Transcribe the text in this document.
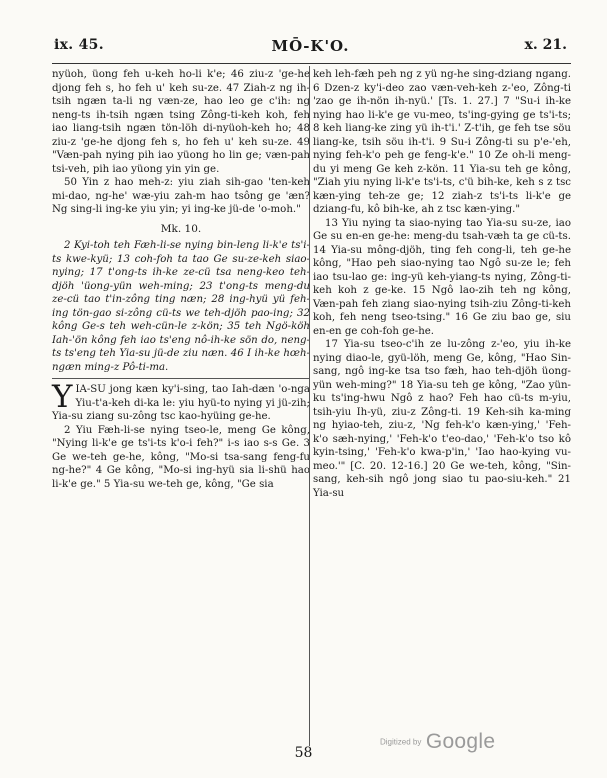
ix. 45.	MŌ-K'O.	x. 21.

nyüoh, üong feh u-keh ho-li k'e; 46 ziu-z 'ge-he djong feh s, ho feh u' keh su-ze. 47 Ziah-z ng ih-tsih ngæn ta-li ng væn-ze, hao leo ge c'ih: ng neng-ts ih-tsih ngæn tsing Zông-ti-keh koh, feh iao liang-tsih ngæn tön-löh di-nyüoh-keh ho; 48 ziu-z 'ge-he djong feh s, ho feh u' keh su-ze. 49 "Væn-pah nying pih iao yüong ho lin ge; væn-pah tsi-veh, pih iao yüong yin yin ge.

50 Yin z hao meh-z: yiu ziah sih-gao 'ten-keh mi-dao, ng-he' wæ-yiu zah-m hao tsông ge 'æn? Ng sing-li ing-ke yiu yin; yi ing-ke jü-de 'o-moh."

Mk. 10.

2 Kyi-toh teh Fæh-li-se nying bin-leng li-k'e ts'i-ts kwe-kyü; 13 coh-foh ta tao Ge su-ze-keh siao-nying; 17 t'ong-ts ih-ke ze-cü tsa neng-keo teh-djöh 'üong-yün weh-ming; 23 t'ong-ts meng-du ze-cü tao t'in-zông ting næn; 28 ing-hyü yü feh-ing tön-gao si-zông cü-ts we teh-djöh pao-ing; 32 kông Ge-s teh weh-cün-le z-kön; 35 teh Ngö-köh Iah-'ön kông feh iao ts'eng nô-ih-ke sön do, neng-ts ts'eng teh Yia-su jü-de ziu næn. 46 I ih-ke hœh-ngæn ming-z Pô-ti-ma.

YIA-SU jong kæn ky'i-sing, tao Iah-dæn 'o-nga Yiu-t'a-keh di-ka le: yiu hyü-to nying yi jü-zih; Yia-su ziang su-zông tsc kao-hyüing ge-he.

2 Yiu Fæh-li-se nying tseo-le, meng Ge kông, "Nying li-k'e ge ts'i-ts k'o-i feh?" i-s iao s-s Ge. 3 Ge we-teh ge-he, kông, "Mo-si tsa-sang feng-fu ng-he?" 4 Ge kông, "Mo-si ing-hyü sia li-shü hao li-k'e ge." 5 Yia-su we-teh ge, kông, "Ge sia

keh leh-fæh peh ng z yü ng-he sing-dziang ngang. 6 Dzen-z ky'i-deo zao væn-veh-keh z-'eo, Zông-ti 'zao ge ih-nön ih-nyü.' [Ts. 1. 27.] 7 "Su-i ih-ke nying hao li-k'e ge vu-meo, ts'ing-gying ge ts'i-ts; 8 keh liang-ke zing yü ih-t'i.' Z-t'ih, ge feh tse söu liang-ke, tsih söu ih-t'i. 9 Su-i Zông-ti su p'e-'eh, nying feh-k'o peh ge feng-k'e." 10 Ze oh-li meng-du yi meng Ge keh z-kön. 11 Yia-su teh ge kông, "Ziah yiu nying li-k'e ts'i-ts, c'ü bih-ke, keh s z tsc kæn-ying teh-ze ge; 12 ziah-z ts'i-ts li-k'e ge dziang-fu, kô bih-ke, ah z tsc kæn-ying."

13 Yiu nying ta siao-nying tao Yia-su su-ze, iao Ge su en-en ge-he: meng-du tsah-væh ta ge cü-ts. 14 Yia-su mông-djöh, ting feh cong-li, teh ge-he kông, "Hao peh siao-nying tao Ngô su-ze le; feh iao tsu-lao ge: ing-yü keh-yiang-ts nying, Zông-ti-keh koh z ge-ke. 15 Ngô lao-zih teh ng kông, Væn-pah feh ziang siao-nying tsih-ziu Zông-ti-keh koh, feh neng tseo-tsing." 16 Ge ziu bao ge, siu en-en ge coh-foh ge-he.

17 Yia-su tseo-c'ih ze lu-zông z-'eo, yiu ih-ke nying diao-le, gyü-löh, meng Ge, kông, "Hao Sin-sang, ngô ing-ke tsa tso fæh, hao teh-djöh üong-yün weh-ming?" 18 Yia-su teh ge kông, "Zao yün-ku ts'ing-hwu Ngô z hao? Feh hao cü-ts m-yiu, tsih-yiu Ih-yü, ziu-z Zông-ti. 19 Keh-sih ka-ming ng hyiao-teh, ziu-z, 'Ng feh-k'o kæn-ying,' 'Feh-k'o sæh-nying,' 'Feh-k'o t'eo-dao,' 'Feh-k'o tso kô kyin-tsing,' 'Feh-k'o kwa-p'in,' 'Iao hao-kying vu-meo.'" [C. 20. 12-16.] 20 Ge we-teh, kông, "Sin-sang, keh-sih ngô jong siao tu pao-siu-keh." 21 Yia-su

58
Digitized by Google
